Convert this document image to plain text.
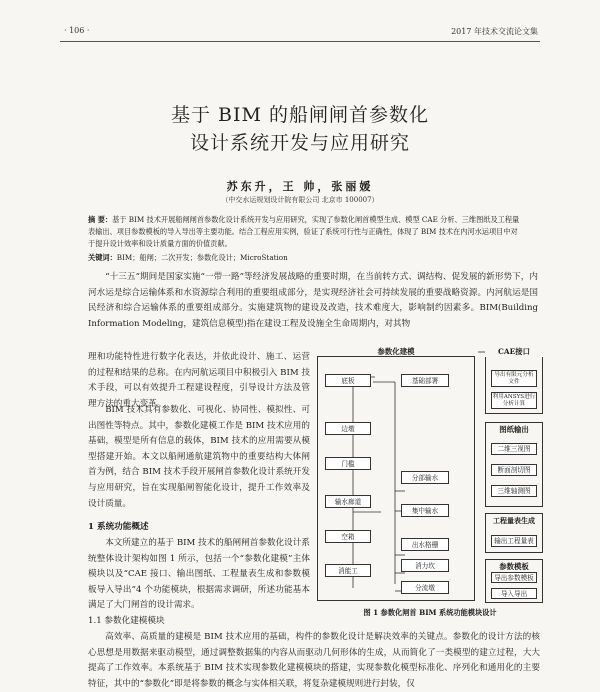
· 106 ·	2017 年技术交流论文集
基于 BIM 的船闸闸首参数化
设计系统开发与应用研究
苏东升，王 帅，张丽媛
（中交水运规划设计院有限公司 北京市 100007）
摘 要：基于 BIM 技术开展船闸闸首参数化设计系统开发与应用研究，实现了参数化闸首模型生成、模型 CAE 分析、三维图纸及工程量表输出、项目参数模板的导入导出等主要功能。结合工程应用实例，验证了系统可行性与正确性，体现了 BIM 技术在内河水运项目中对于提升设计效率和设计质量方面的价值贡献。
关键词：BIM；船闸；二次开发；参数化设计；MicroStation
“十三五”期间是国家实施“一带一路”等经济发展战略的重要时期，在当前转方式、调结构、促发展的新形势下，内河水运是综合运输体系和水资源综合利用的重要组成部分，是实现经济社会可持续发展的重要战略资源。内河航运是国民经济和综合运输体系的重要组成部分。实施建筑物的建设及改造，技术难度大，影响制约因素多。BIM(Building Information Modeling，建筑信息模型)指在建设工程及设施全生命周期内，对其物
理和功能特性进行数字化表达，并依此设计、施工、运营的过程和结果的总称。在内河航运项目中积极引入 BIM 技术手段，可以有效提升工程建设程度，引导设计方法及管理方法的重大变革。
BIM 技术具有参数化、可视化、协同性、模拟性、可出图性等特点。其中，参数化建模工作是 BIM 技术应用的基础，模型是所有信息的载体，BIM 技术的应用需要从模型搭建开始。本文以船闸通航建筑物中的重要结构大体闸首为例，结合 BIM 技术手段开展闸首参数化设计系统开发与应用研究，旨在实现船闸智能化设计，提升工作效率及设计质量。
1 系统功能概述
本文所建立的基于 BIM 技术的船闸闸首参数化设计系统整体设计架构如图 1 所示，包括一个“参数化建模”主体模块以及“CAE 接口、输出图纸、工程量表生成和参数模板导入导出”4 个功能模块，根据需求调研，所述功能基本满足了大门闸首的设计需求。
1.1 参数化建模模块
高效率、高质量的建模是 BIM 技术应用的基础，构件的参数化设计是解决效率的关键点。参数化的设计方法的核心思想是用数据来驱动模型，通过调整数据集的内容从而驱动几何形体的生成，从而简化了一类模型的建立过程，大大提高了工作效率。本系统基于 BIM 技术实现参数化建模模块的搭建，实现参数化模型标准化、序列化和通用化的主要特征，其中的“参数化”即是将参数的概念与实体相关联，将复杂建模规则进行封装，仅
参数化建模
底板
边墩
门槛
输水廊道
空箱
消能工
基础部署
分部输水
集中输水
出水格栅
消力坎
分流墩
CAE接口
导出有限元分析文件
利用ANSYS进行分析计算
图纸输出
二维三视图
断面剖切图
三维轴测图
工程量表生成
输出工程量表
参数模板
导出参数模板
导入导出
图 1 参数化闸首 BIM 系统功能模块设计
